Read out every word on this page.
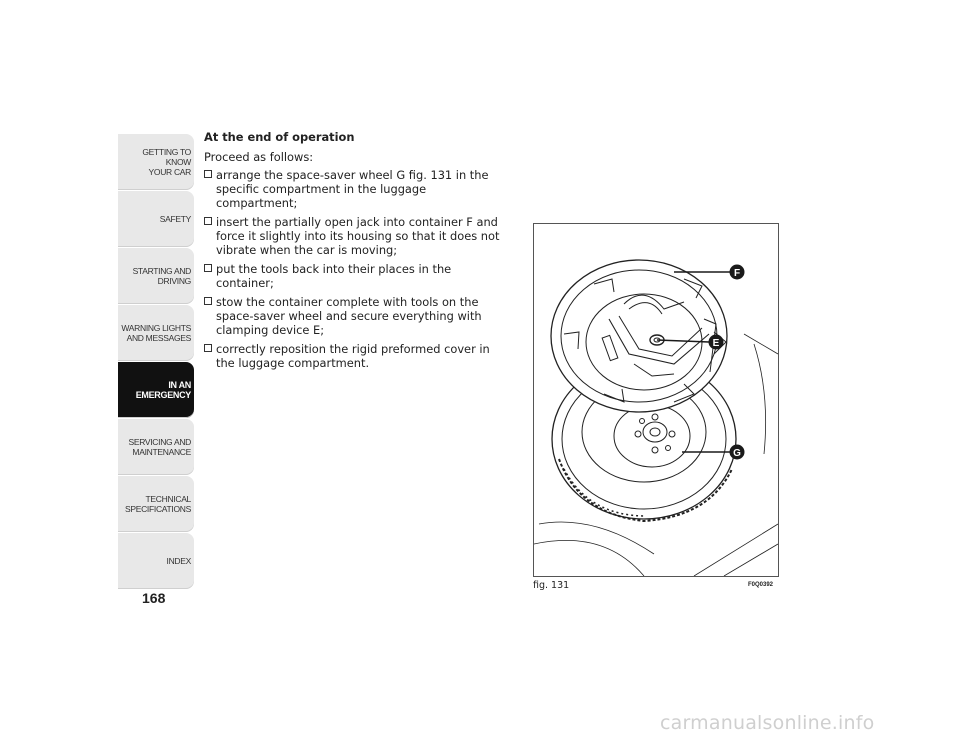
GETTING TO KNOW
YOUR CAR
SAFETY
STARTING AND
DRIVING
WARNING LIGHTS
AND MESSAGES
IN AN
EMERGENCY
SERVICING AND
MAINTENANCE
TECHNICAL
SPECIFICATIONS
INDEX
168
At the end of operation

Proceed as follows:

arrange the space-saver wheel G fig. 131 in the specific compartment in the luggage compartment;
insert the partially open jack into container F and force it slightly into its housing so that it does not vibrate when the car is moving;
put the tools back into their places in the container;
stow the container complete with tools on the space-saver wheel and secure everything with clamping device E;
correctly reposition the rigid preformed cover in the luggage compartment.
F
E
G
fig. 131	F0Q0392
carmanualsonline.info
